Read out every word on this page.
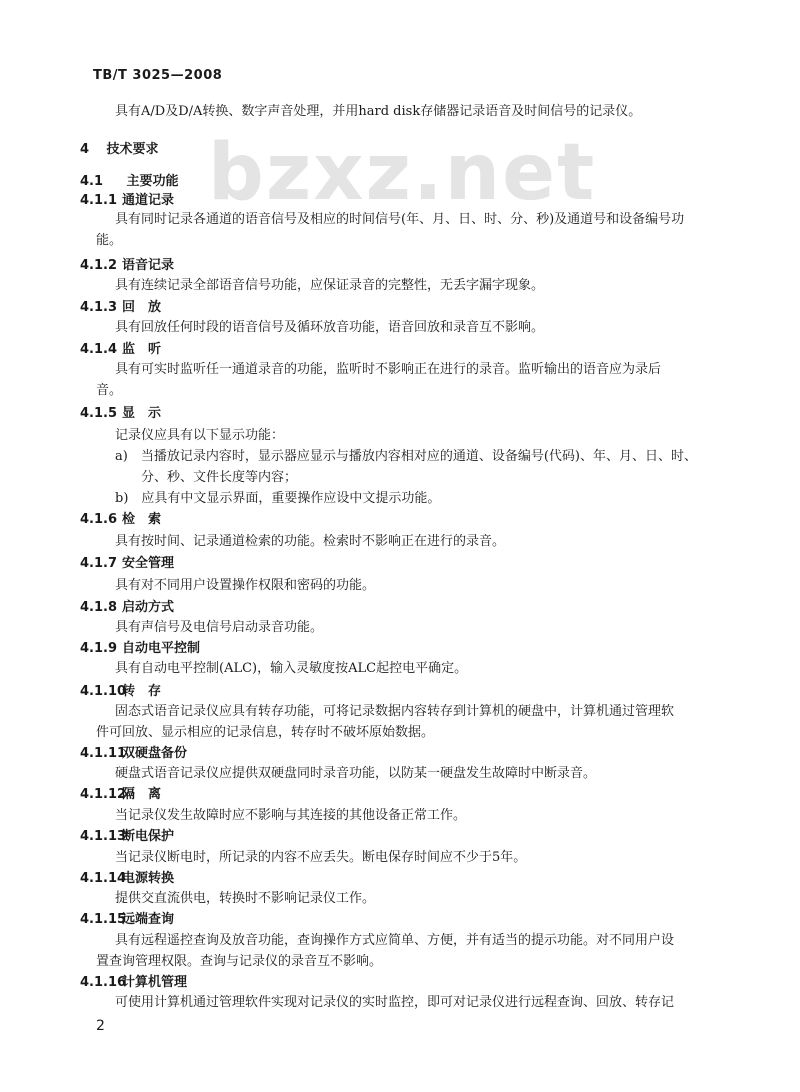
TB/T 3025—2008
bzxz.net
具有A/D及D/A转换、数字声音处理，并用hard disk存储器记录语音及时间信号的记录仪。
4 技术要求
4.1 主要功能
4.1.1 通道记录
具有同时记录各通道的语音信号及相应的时间信号(年、月、日、时、分、秒)及通道号和设备编号功
能。
4.1.2 语音记录
具有连续记录全部语音信号功能，应保证录音的完整性，无丢字漏字现象。
4.1.3 回　放
具有回放任何时段的语音信号及循环放音功能，语音回放和录音互不影响。
4.1.4 监　听
具有可实时监听任一通道录音的功能，监听时不影响正在进行的录音。监听输出的语音应为录后
音。
4.1.5 显　示
记录仪应具有以下显示功能：
a)　当播放记录内容时，显示器应显示与播放内容相对应的通道、设备编号(代码)、年、月、日、时、
分、秒、文件长度等内容；
b)　应具有中文显示界面，重要操作应设中文提示功能。
4.1.6 检　索
具有按时间、记录通道检索的功能。检索时不影响正在进行的录音。
4.1.7 安全管理
具有对不同用户设置操作权限和密码的功能。
4.1.8 启动方式
具有声信号及电信号启动录音功能。
4.1.9 自动电平控制
具有自动电平控制(ALC)，输入灵敏度按ALC起控电平确定。
4.1.10转　存
固态式语音记录仪应具有转存功能，可将记录数据内容转存到计算机的硬盘中，计算机通过管理软
件可回放、显示相应的记录信息，转存时不破坏原始数据。
4.1.11双硬盘备份
硬盘式语音记录仪应提供双硬盘同时录音功能，以防某一硬盘发生故障时中断录音。
4.1.12隔　离
当记录仪发生故障时应不影响与其连接的其他设备正常工作。
4.1.13断电保护
当记录仪断电时，所记录的内容不应丢失。断电保存时间应不少于5年。
4.1.14电源转换
提供交直流供电，转换时不影响记录仪工作。
4.1.15远端查询
具有远程遥控查询及放音功能，查询操作方式应简单、方便，并有适当的提示功能。对不同用户设
置查询管理权限。查询与记录仪的录音互不影响。
4.1.16计算机管理
可使用计算机通过管理软件实现对记录仪的实时监控，即可对记录仪进行远程查询、回放、转存记
2
